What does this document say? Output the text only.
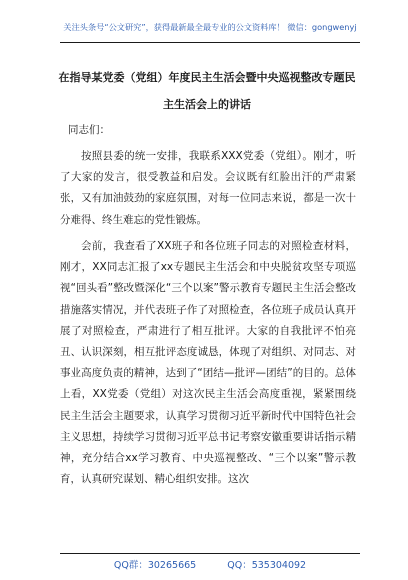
关注头条号“公文研究”，获得最新最全最专业的公文资料库！ 微信：gongwenyj
在指导某党委（党组）年度民主生活会暨中央巡视整改专题民主生活会上的讲话
同志们：

按照县委的统一安排，我联系XXX党委（党组）。刚才，听了大家的发言，很受教益和启发。会议既有红脸出汗的严肃紧张，又有加油鼓劲的家庭氛围，对每一位同志来说，都是一次十分难得、终生难忘的党性锻炼。

会前，我查看了XX班子和各位班子同志的对照检查材料，刚才，XX同志汇报了xx专题民主生活会和中央脱贫攻坚专项巡视“回头看”整改暨深化“三个以案”警示教育专题民主生活会整改措施落实情况，并代表班子作了对照检查，各位班子成员认真开展了对照检查，严肃进行了相互批评。大家的自我批评不怕亮丑、认识深刻，相互批评态度诚恳，体现了对组织、对同志、对事业高度负责的精神，达到了“团结—批评—团结”的目的。总体上看，XX党委（党组）对这次民主生活会高度重视，紧紧围绕民主生活会主题要求，认真学习贯彻习近平新时代中国特色社会主义思想，持续学习贯彻习近平总书记考察安徽重要讲话指示精神，充分结合xx学习教育、中央巡视整改、“三个以案”警示教育，认真研究谋划、精心组织安排。这次

QQ群：30265665	QQ：535304092
